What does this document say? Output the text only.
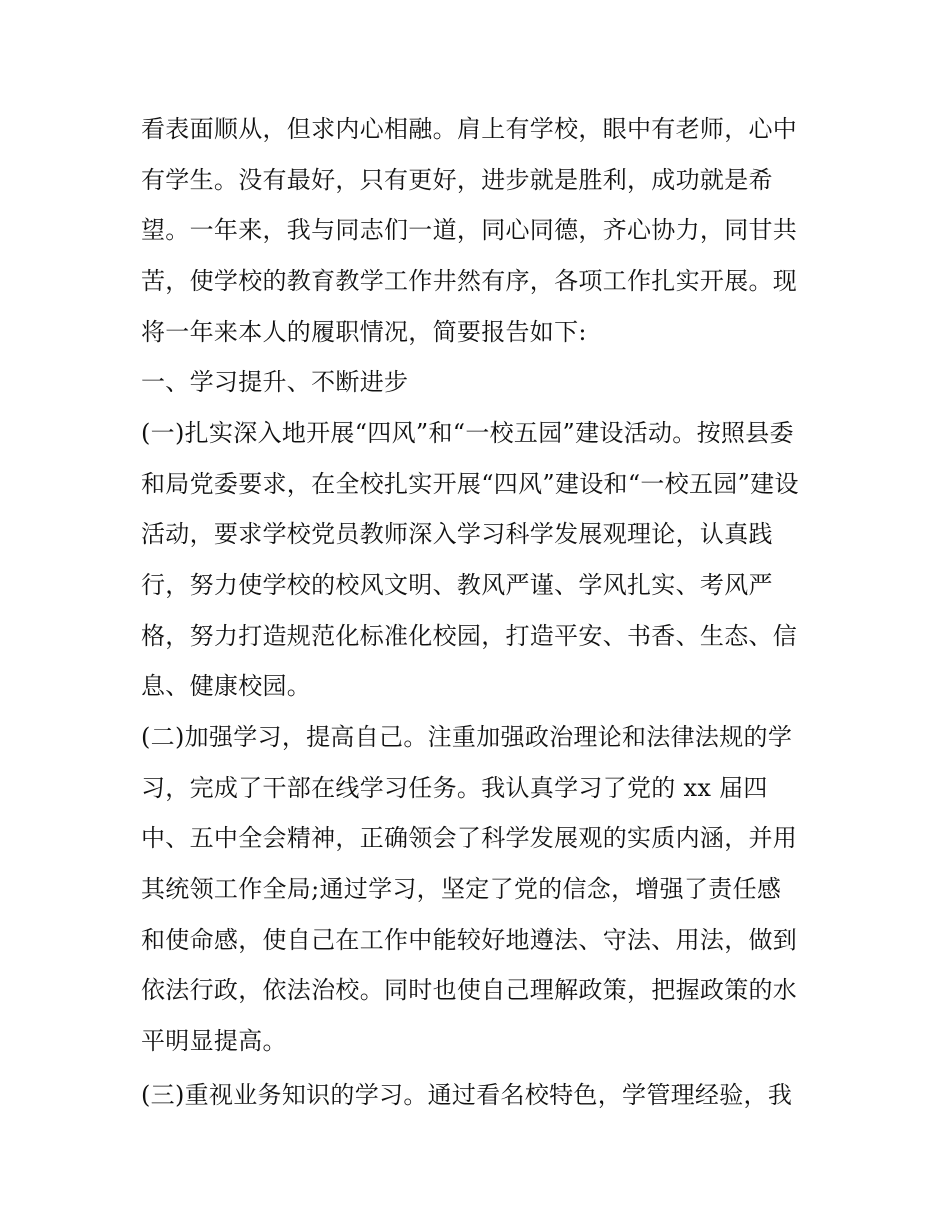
看表面顺从，但求内心相融。肩上有学校，眼中有老师，心中
有学生。没有最好，只有更好，进步就是胜利，成功就是希
望。一年来，我与同志们一道，同心同德，齐心协力，同甘共
苦，使学校的教育教学工作井然有序，各项工作扎实开展。现
将一年来本人的履职情况，简要报告如下:
一、学习提升、不断进步
(一)扎实深入地开展“四风”和“一校五园”建设活动。按照县委
和局党委要求，在全校扎实开展“四风”建设和“一校五园”建设
活动，要求学校党员教师深入学习科学发展观理论，认真践
行，努力使学校的校风文明、教风严谨、学风扎实、考风严
格，努力打造规范化标准化校园，打造平安、书香、生态、信
息、健康校园。
(二)加强学习，提高自己。注重加强政治理论和法律法规的学
习，完成了干部在线学习任务。我认真学习了党的 xx 届四
中、五中全会精神，正确领会了科学发展观的实质内涵，并用
其统领工作全局;通过学习，坚定了党的信念，增强了责任感
和使命感，使自己在工作中能较好地遵法、守法、用法，做到
依法行政，依法治校。同时也使自己理解政策，把握政策的水
平明显提高。
(三)重视业务知识的学习。通过看名校特色，学管理经验，我
